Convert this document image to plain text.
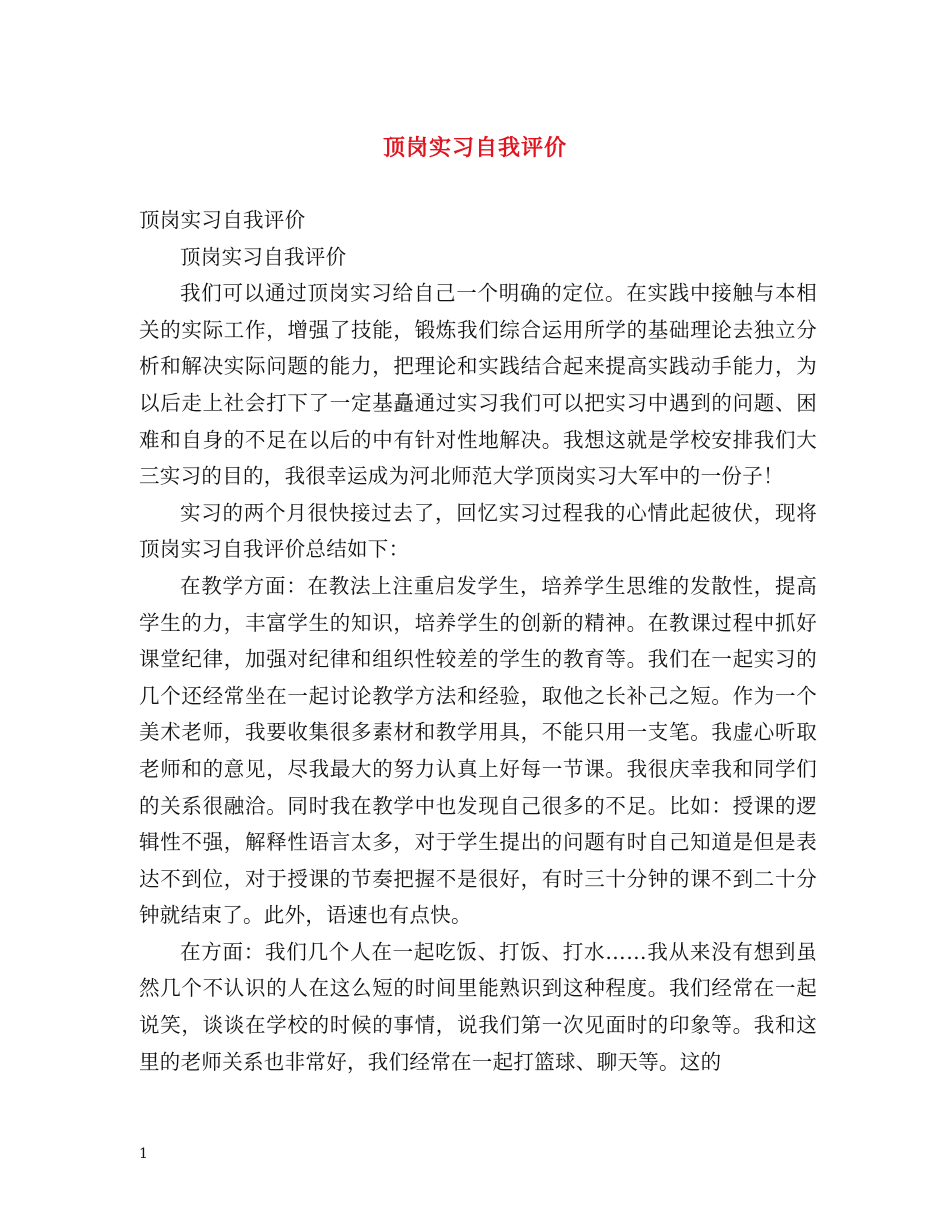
顶岗实习自我评价

顶岗实习自我评价

顶岗实习自我评价

我们可以通过顶岗实习给自己一个明确的定位。在实践中接触与本相关的实际工作，增强了技能，锻炼我们综合运用所学的基础理论去独立分析和解决实际问题的能力，把理论和实践结合起来提高实践动手能力，为以后走上社会打下了一定基矗通过实习我们可以把实习中遇到的问题、困难和自身的不足在以后的中有针对性地解决。我想这就是学校安排我们大三实习的目的，我很幸运成为河北师范大学顶岗实习大军中的一份子！

实习的两个月很快接过去了，回忆实习过程我的心情此起彼伏，现将顶岗实习自我评价总结如下：

在教学方面：在教法上注重启发学生，培养学生思维的发散性，提高学生的力，丰富学生的知识，培养学生的创新的精神。在教课过程中抓好课堂纪律，加强对纪律和组织性较差的学生的教育等。我们在一起实习的几个还经常坐在一起讨论教学方法和经验，取他之长补己之短。作为一个美术老师，我要收集很多素材和教学用具，不能只用一支笔。我虚心听取老师和的意见，尽我最大的努力认真上好每一节课。我很庆幸我和同学们的关系很融洽。同时我在教学中也发现自己很多的不足。比如：授课的逻辑性不强，解释性语言太多，对于学生提出的问题有时自己知道是但是表达不到位，对于授课的节奏把握不是很好，有时三十分钟的课不到二十分钟就结束了。此外，语速也有点快。

在方面：我们几个人在一起吃饭、打饭、打水……我从来没有想到虽然几个不认识的人在这么短的时间里能熟识到这种程度。我们经常在一起说笑，谈谈在学校的时候的事情，说我们第一次见面时的印象等。我和这里的老师关系也非常好，我们经常在一起打篮球、聊天等。这的

1
